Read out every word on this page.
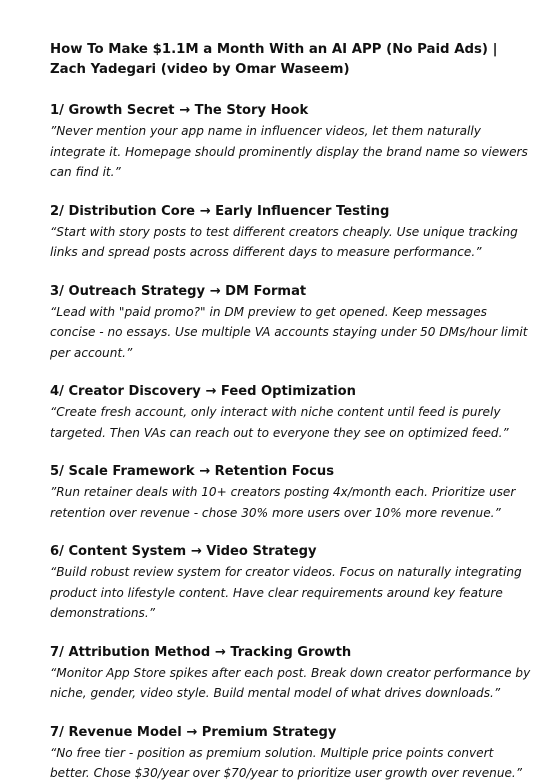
How To Make $1.1M a Month With an AI APP (No Paid Ads) | Zach Yadegari (video by Omar Waseem)
1/ Growth Secret → The Story Hook
”Never mention your app name in influencer videos, let them naturally integrate it. Homepage should prominently display the brand name so viewers can find it.”
2/ Distribution Core → Early Influencer Testing
“Start with story posts to test different creators cheaply. Use unique tracking links and spread posts across different days to measure performance.”
3/ Outreach Strategy → DM Format
“Lead with "paid promo?" in DM preview to get opened. Keep messages concise - no essays. Use multiple VA accounts staying under 50 DMs/hour limit per account.”
4/ Creator Discovery → Feed Optimization
“Create fresh account, only interact with niche content until feed is purely targeted. Then VAs can reach out to everyone they see on optimized feed.”
5/ Scale Framework → Retention Focus
”Run retainer deals with 10+ creators posting 4x/month each. Prioritize user retention over revenue - chose 30% more users over 10% more revenue.”
6/ Content System → Video Strategy
“Build robust review system for creator videos. Focus on naturally integrating product into lifestyle content. Have clear requirements around key feature demonstrations.”
7/ Attribution Method → Tracking Growth
“Monitor App Store spikes after each post. Break down creator performance by niche, gender, video style. Build mental model of what drives downloads.”
7/ Revenue Model → Premium Strategy
“No free tier - position as premium solution. Multiple price points convert better. Chose $30/year over $70/year to prioritize user growth over revenue.”
